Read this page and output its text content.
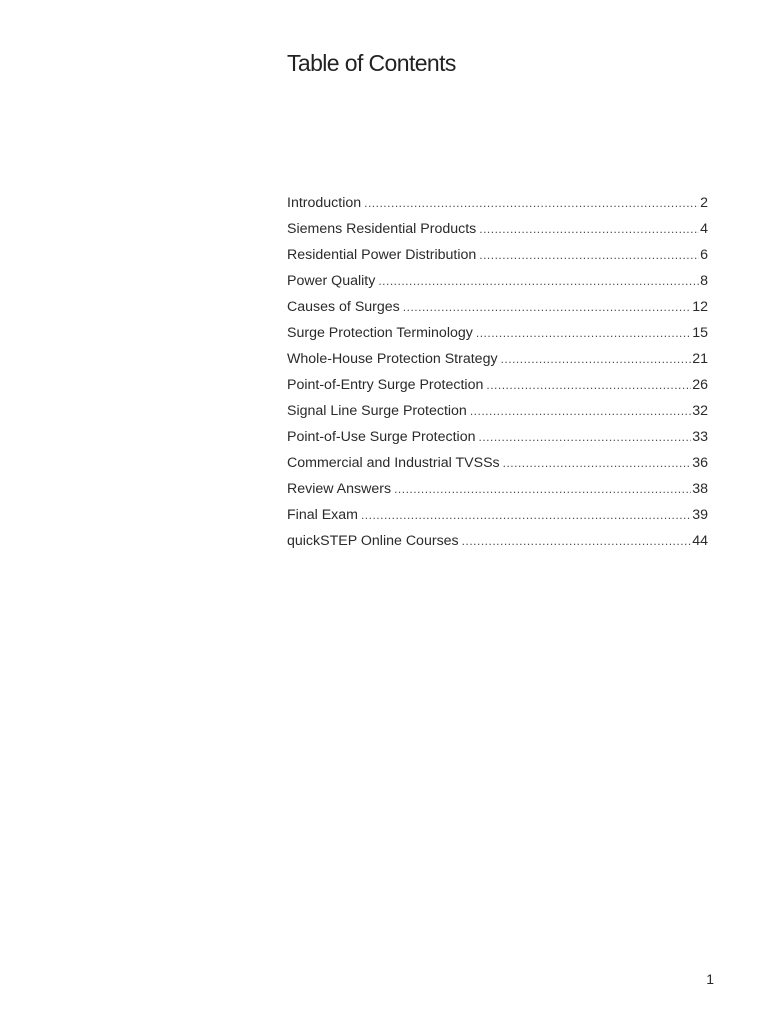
Table of Contents
Introduction .....	2
Siemens Residential Products .....	4
Residential Power Distribution .....	6
Power Quality .....	8
Causes of Surges .....	12
Surge Protection Terminology .....	15
Whole-House Protection Strategy .....	21
Point-of-Entry Surge Protection .....	26
Signal Line Surge Protection .....	32
Point-of-Use Surge Protection .....	33
Commercial and Industrial TVSSs .....	36
Review Answers .....	38
Final Exam .....	39
quickSTEP Online Courses .....	44

1
